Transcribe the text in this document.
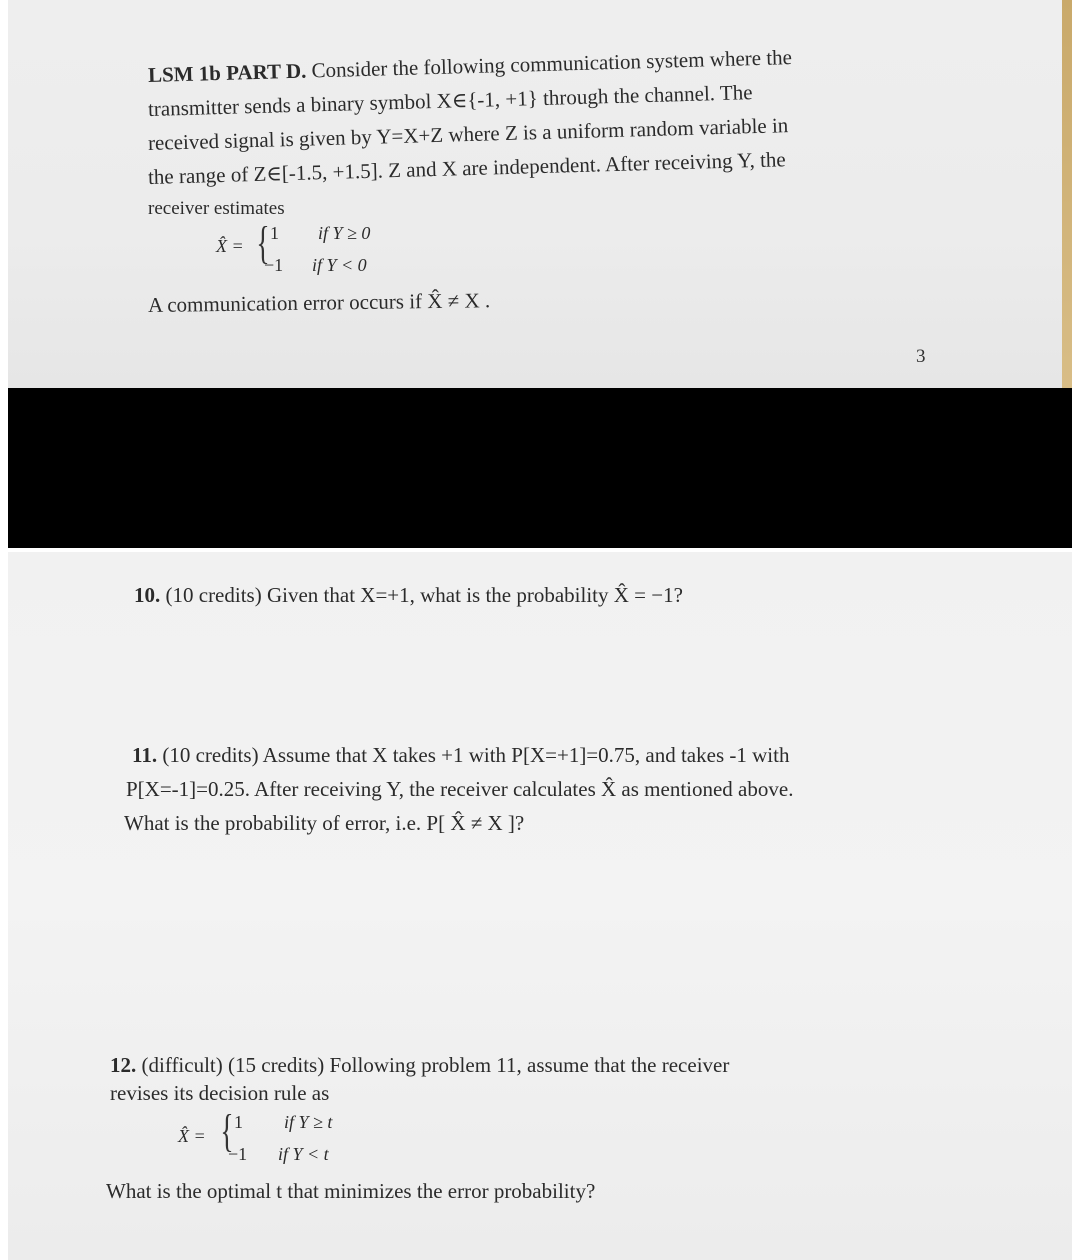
LSM 1b PART D. Consider the following communication system where the
transmitter sends a binary symbol X∈{-1, +1} through the channel. The
received signal is given by Y=X+Z where Z is a uniform random variable in
the range of Z∈[-1.5, +1.5]. Z and X are independent. After receiving Y, the
receiver estimates
X̂ = { 1 if Y ≥ 0
−1 if Y < 0
A communication error occurs if X̂ ≠ X .
3
10. (10 credits) Given that X=+1, what is the probability X̂ = −1?
11. (10 credits) Assume that X takes +1 with P[X=+1]=0.75, and takes -1 with
P[X=-1]=0.25. After receiving Y, the receiver calculates X̂ as mentioned above.
What is the probability of error, i.e. P[ X̂ ≠ X ]?
12. (difficult) (15 credits) Following problem 11, assume that the receiver
revises its decision rule as
X̂ = { 1 if Y ≥ t
−1 if Y < t
What is the optimal t that minimizes the error probability?
